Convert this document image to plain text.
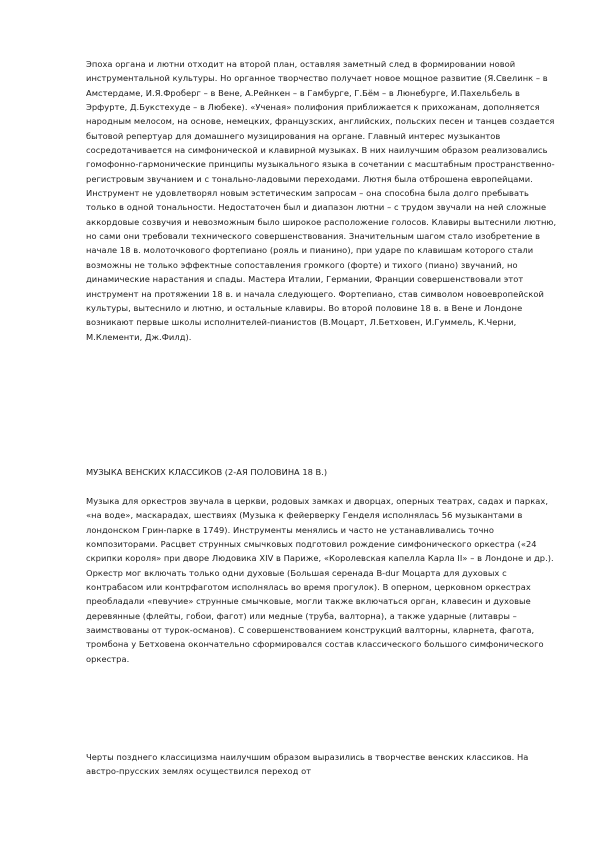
Эпоха органа и лютни отходит на второй план, оставляя заметный след в формировании новой инструментальной культуры. Но органное творчество получает новое мощное развитие (Я.Свелинк – в Амстердаме, И.Я.Фроберг – в Вене, А.Рейнкен – в Гамбурге, Г.Бём – в Люнебурге, И.Пахельбель в Эрфурте, Д.Букстехуде – в Любеке). «Ученая» полифония приближается к прихожанам, дополняется народным мелосом, на основе, немецких, французских, английских, польских песен и танцев создается бытовой репертуар для домашнего музицирования на органе. Главный интерес музыкантов сосредотачивается на симфонической и клавирной музыках. В них наилучшим образом реализовались гомофонно-гармонические принципы музыкального языка в сочетании с масштабным пространственно-регистровым звучанием и с тонально-ладовыми переходами. Лютня была отброшена европейцами. Инструмент не удовлетворял новым эстетическим запросам – она способна была долго пребывать только в одной тональности. Недостаточен был и диапазон лютни – с трудом звучали на ней сложные аккордовые созвучия и невозможным было широкое расположение голосов. Клавиры вытеснили лютню, но сами они требовали технического совершенствования. Значительным шагом стало изобретение в начале 18 в. молоточкового фортепиано (рояль и пианино), при ударе по клавишам которого стали возможны не только эффектные сопоставления громкого (форте) и тихого (пиано) звучаний, но динамические нарастания и спады. Мастера Италии, Германии, Франции совершенствовали этот инструмент на протяжении 18 в. и начала следующего. Фортепиано, став символом новоевропейской культуры, вытеснило и лютню, и остальные клавиры. Во второй половине 18 в. в Вене и Лондоне возникают первые школы исполнителей-пианистов (В.Моцарт, Л.Бетховен, И.Гуммель, К.Черни, М.Клементи, Дж.Филд).

МУЗЫКА ВЕНСКИХ КЛАССИКОВ (2-АЯ ПОЛОВИНА 18 В.)

Музыка для оркестров звучала в церкви, родовых замках и дворцах, оперных театрах, садах и парках, «на воде», маскарадах, шествиях (Музыка к фейерверку Генделя исполнялась 56 музыкантами в лондонском Грин-парке в 1749). Инструменты менялись и часто не устанавливались точно композиторами. Расцвет струнных смычковых подготовил рождение симфонического оркестра («24 скрипки короля» при дворе Людовика XIV в Париже, «Королевская капелла Карла II» – в Лондоне и др.). Оркестр мог включать только одни духовые (Большая серенада B-dur Моцарта для духовых с контрабасом или контрфаготом исполнялась во время прогулок). В оперном, церковном оркестрах преобладали «певучие» струнные смычковые, могли также включаться орган, клавесин и духовые деревянные (флейты, гобои, фагот) или медные (труба, валторна), а также ударные (литавры – заимствованы от турок-османов). С совершенствованием конструкций валторны, кларнета, фагота, тромбона у Бетховена окончательно сформировался состав классического большого симфонического оркестра.

Черты позднего классицизма наилучшим образом выразились в творчестве венских классиков. На австро-прусских землях осуществился переход от
